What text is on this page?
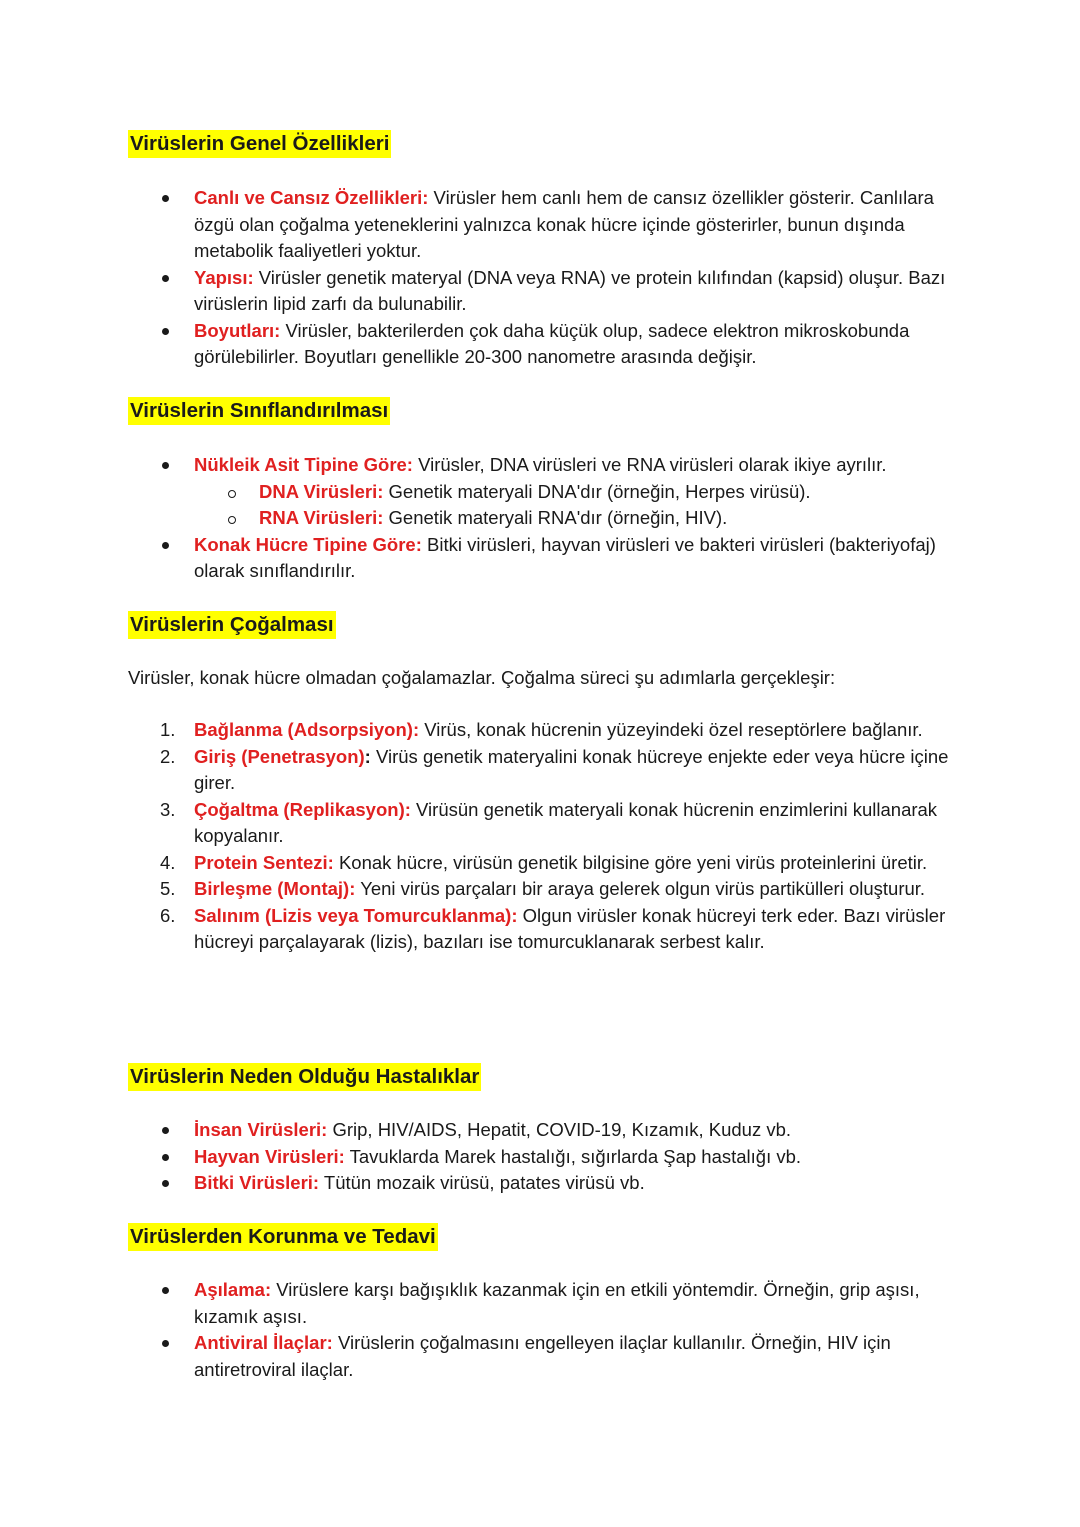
Virüslerin Genel Özellikleri
Canlı ve Cansız Özellikleri: Virüsler hem canlı hem de cansız özellikler gösterir. Canlılara özgü olan çoğalma yeteneklerini yalnızca konak hücre içinde gösterirler, bunun dışında metabolik faaliyetleri yoktur.
Yapısı: Virüsler genetik materyal (DNA veya RNA) ve protein kılıfından (kapsid) oluşur. Bazı virüslerin lipid zarfı da bulunabilir.
Boyutları: Virüsler, bakterilerden çok daha küçük olup, sadece elektron mikroskobunda görülebilirler. Boyutları genellikle 20-300 nanometre arasında değişir.
Virüslerin Sınıflandırılması
Nükleik Asit Tipine Göre: Virüsler, DNA virüsleri ve RNA virüsleri olarak ikiye ayrılır.
DNA Virüsleri: Genetik materyali DNA'dır (örneğin, Herpes virüsü).
RNA Virüsleri: Genetik materyali RNA'dır (örneğin, HIV).
Konak Hücre Tipine Göre: Bitki virüsleri, hayvan virüsleri ve bakteri virüsleri (bakteriyofaj) olarak sınıflandırılır.
Virüslerin Çoğalması
Virüsler, konak hücre olmadan çoğalamazlar. Çoğalma süreci şu adımlarla gerçekleşir:
1. Bağlanma (Adsorpsiyon): Virüs, konak hücrenin yüzeyindeki özel reseptörlere bağlanır.
2. Giriş (Penetrasyon): Virüs genetik materyalini konak hücreye enjekte eder veya hücre içine girer.
3. Çoğaltma (Replikasyon): Virüsün genetik materyali konak hücrenin enzimlerini kullanarak kopyalanır.
4. Protein Sentezi: Konak hücre, virüsün genetik bilgisine göre yeni virüs proteinlerini üretir.
5. Birleşme (Montaj): Yeni virüs parçaları bir araya gelerek olgun virüs partikülleri oluşturur.
6. Salınım (Lizis veya Tomurcuklanma): Olgun virüsler konak hücreyi terk eder. Bazı virüsler hücreyi parçalayarak (lizis), bazıları ise tomurcuklanarak serbest kalır.
Virüslerin Neden Olduğu Hastalıklar
İnsan Virüsleri: Grip, HIV/AIDS, Hepatit, COVID-19, Kızamık, Kuduz vb.
Hayvan Virüsleri: Tavuklarda Marek hastalığı, sığırlarda Şap hastalığı vb.
Bitki Virüsleri: Tütün mozaik virüsü, patates virüsü vb.
Virüslerden Korunma ve Tedavi
Aşılama: Virüslere karşı bağışıklık kazanmak için en etkili yöntemdir. Örneğin, grip aşısı, kızamık aşısı.
Antiviral İlaçlar: Virüslerin çoğalmasını engelleyen ilaçlar kullanılır. Örneğin, HIV için antiretroviral ilaçlar.
